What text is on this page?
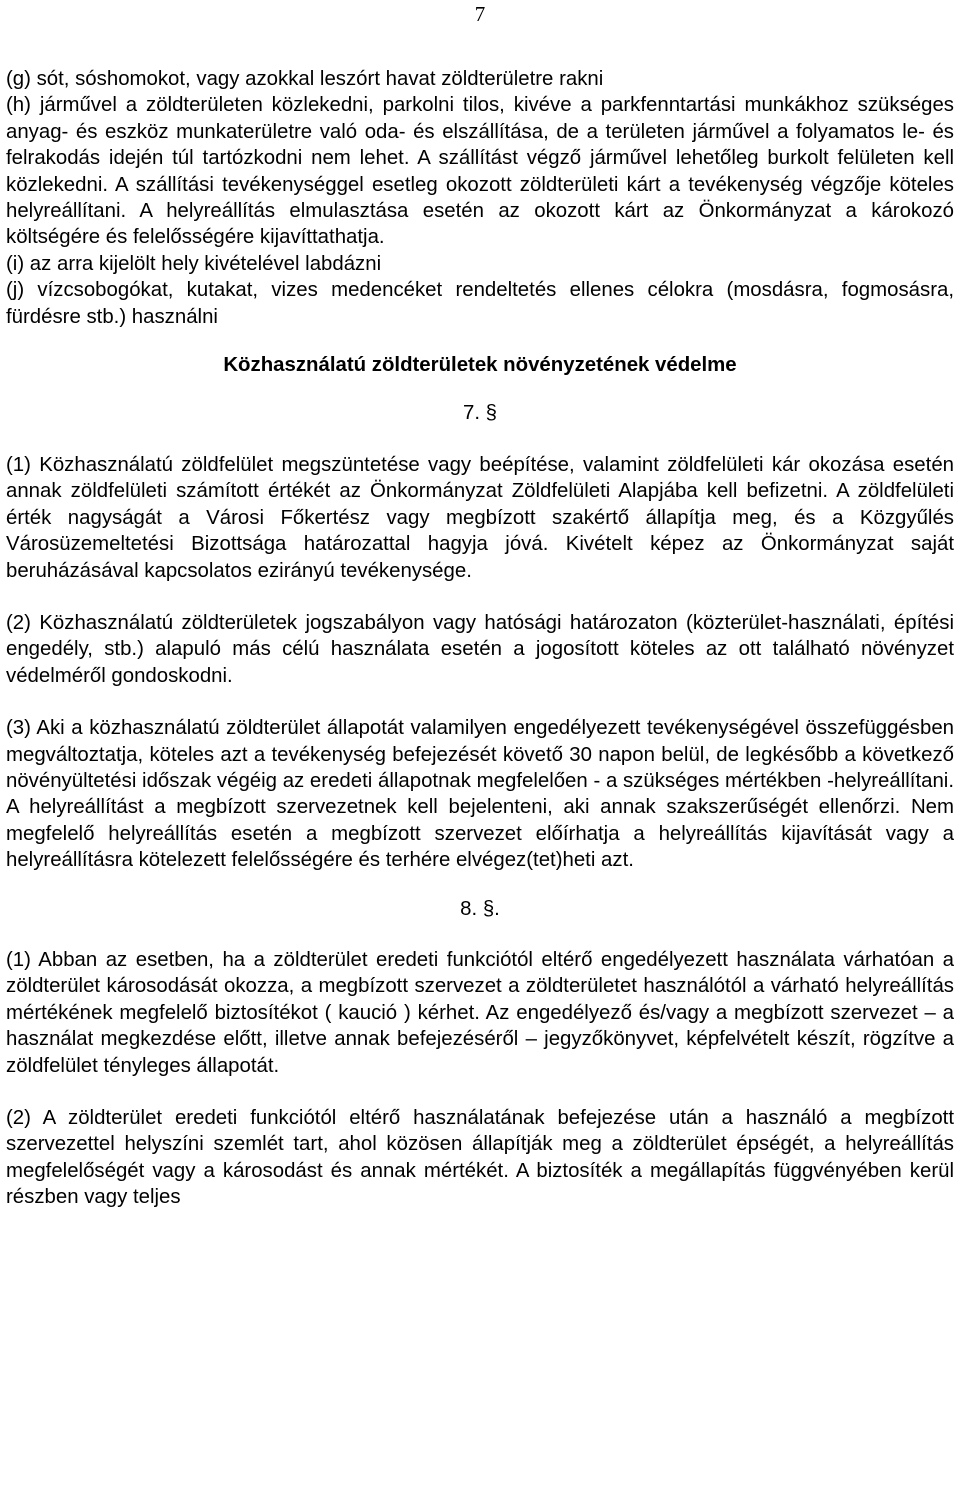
7

(g) sót, sóshomokot, vagy azokkal leszórt havat zöldterületre rakni

(h) járművel a zöldterületen közlekedni, parkolni tilos, kivéve a parkfenntartási munkákhoz szükséges anyag- és eszköz munkaterületre való oda- és elszállítása, de a területen járművel a folyamatos le- és felrakodás idején túl tartózkodni nem lehet. A szállítást végző járművel lehetőleg burkolt felületen kell közlekedni. A szállítási tevékenységgel esetleg okozott zöldterületi kárt a tevékenység végzője köteles helyreállítani. A helyreállítás elmulasztása esetén az okozott kárt az Önkormányzat a károkozó költségére és felelősségére kijavíttathatja.

(i) az arra kijelölt hely kivételével labdázni

(j) vízcsobogókat, kutakat, vizes medencéket rendeltetés ellenes célokra (mosdásra, fogmosásra, fürdésre stb.) használni

Közhasználatú zöldterületek növényzetének védelme
7. §

(1) Közhasználatú zöldfelület megszüntetése vagy beépítése, valamint zöldfelületi kár okozása esetén annak zöldfelületi számított értékét az Önkormányzat Zöldfelületi Alapjába kell befizetni. A zöldfelületi érték nagyságát a Városi Főkertész vagy megbízott szakértő állapítja meg, és a Közgyűlés Városüzemeltetési Bizottsága határozattal hagyja jóvá. Kivételt képez az Önkormányzat saját beruházásával kapcsolatos ezirányú tevékenysége.

(2) Közhasználatú zöldterületek jogszabályon vagy hatósági határozaton (közterület-használati, építési engedély, stb.) alapuló más célú használata esetén a jogosított köteles az ott található növényzet védelméről gondoskodni.

(3) Aki a közhasználatú zöldterület állapotát valamilyen engedélyezett tevékenységével összefüggésben megváltoztatja, köteles azt a tevékenység befejezését követő 30 napon belül, de legkésőbb a következő növényültetési időszak végéig az eredeti állapotnak megfelelően - a szükséges mértékben -helyreállítani. A helyreállítást a megbízott szervezetnek kell bejelenteni, aki annak szakszerűségét ellenőrzi. Nem megfelelő helyreállítás esetén a megbízott szervezet előírhatja a helyreállítás kijavítását vagy a helyreállításra kötelezett felelősségére és terhére elvégez(tet)heti azt.

8. §.

(1) Abban az esetben, ha a zöldterület eredeti funkciótól eltérő engedélyezett használata várhatóan a zöldterület károsodását okozza, a megbízott szervezet a zöldterületet használótól a várható helyreállítás mértékének megfelelő biztosítékot ( kaució ) kérhet. Az engedélyező és/vagy a megbízott szervezet – a használat megkezdése előtt, illetve annak befejezéséről – jegyzőkönyvet, képfelvételt készít, rögzítve a zöldfelület tényleges állapotát.

(2) A zöldterület eredeti funkciótól eltérő használatának befejezése után a használó a megbízott szervezettel helyszíni szemlét tart, ahol közösen állapítják meg a zöldterület épségét, a helyreállítás megfelelőségét vagy a károsodást és annak mértékét. A biztosíték a megállapítás függvényében kerül részben vagy teljes
